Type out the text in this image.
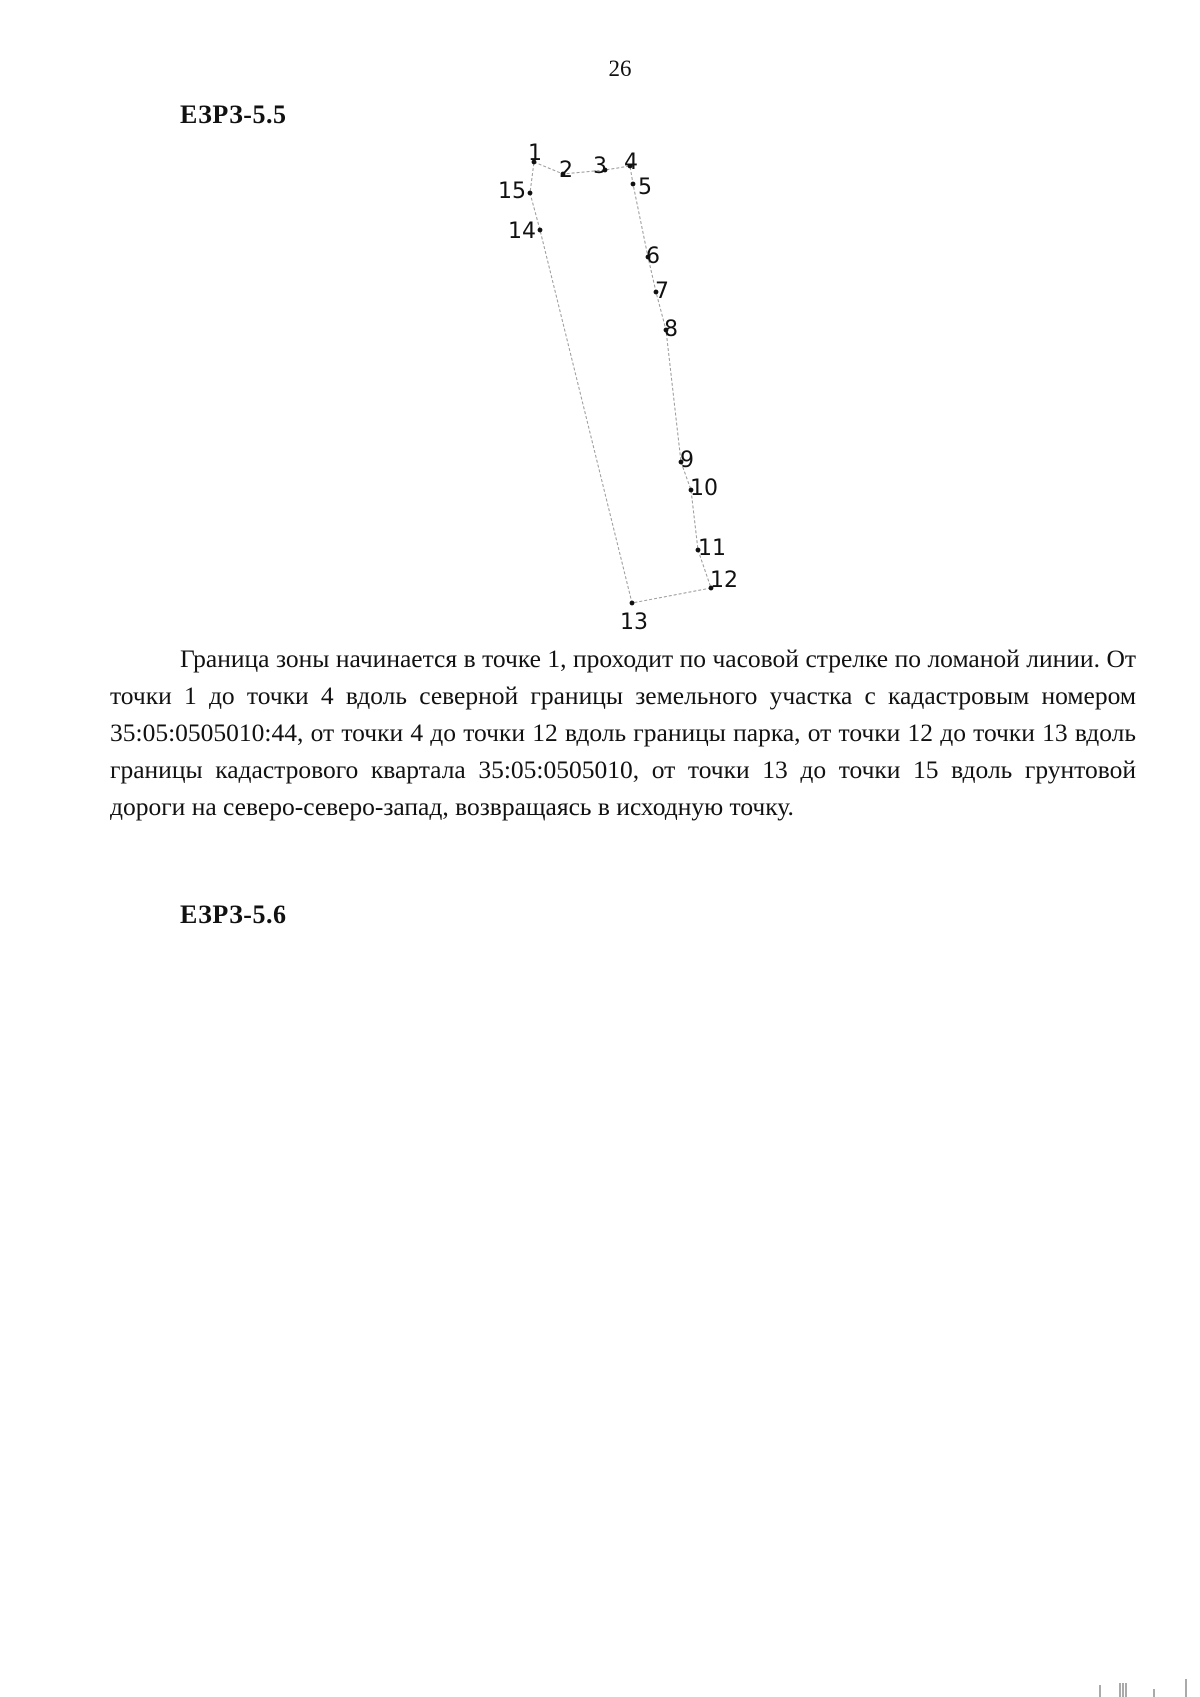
26
ЕЗРЗ-5.5
1
2 3 4
5
6
7
8
9
10
11
12
13
14
15

Граница зоны начинается в точке 1, проходит по часовой стрелке по ломаной линии. От точки 1 до точки 4 вдоль северной границы земельного участка с кадастровым номером 35:05:0505010:44, от точки 4 до точки 12 вдоль границы парка, от точки 12 до точки 13 вдоль границы кадастрового квартала 35:05:0505010, от точки 13 до точки 15 вдоль грунтовой дороги на северо-северо-запад, возвращаясь в исходную точку.

ЕЗРЗ-5.6
